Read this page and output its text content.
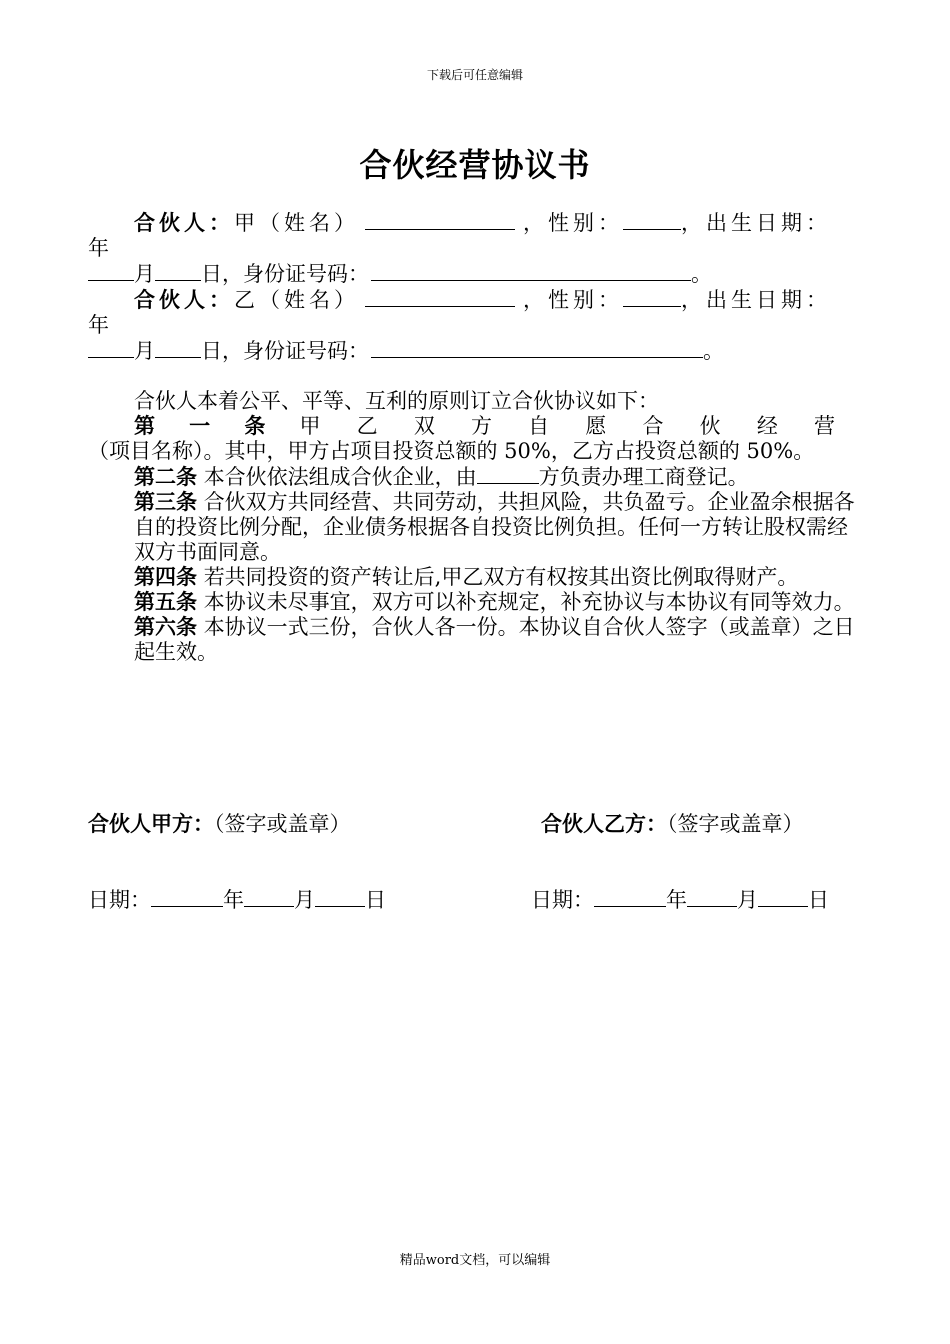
下载后可任意编辑
合伙经营协议书
合伙人：甲（姓名）	，性别：	，出生日期：
年
月 日，身份证号码：	。
合伙人：乙（姓名）	，性别：	，出生日期：
年
月 日，身份证号码：	。
合伙人本着公平、平等、互利的原则订立合伙协议如下：
第一条甲乙双方自愿合伙经营
（项目名称）。其中，甲方占项目投资总额的 50%，乙方占投资总额的 50%。
第二条 本合伙依法组成合伙企业，由	方负责办理工商登记。
第三条 合伙双方共同经营、共同劳动，共担风险，共负盈亏。企业盈余根据各自的投资比例分配，企业债务根据各自投资比例负担。任何一方转让股权需经双方书面同意。
第四条 若共同投资的资产转让后,甲乙双方有权按其出资比例取得财产。
第五条 本协议未尽事宜，双方可以补充规定，补充协议与本协议有同等效力。
第六条 本协议一式三份，合伙人各一份。本协议自合伙人签字（或盖章）之日起生效。
合伙人甲方：（签字或盖章）	合伙人乙方：（签字或盖章）
日期：	年 月 日	日期：	年 月 日
精品word文档，可以编辑
